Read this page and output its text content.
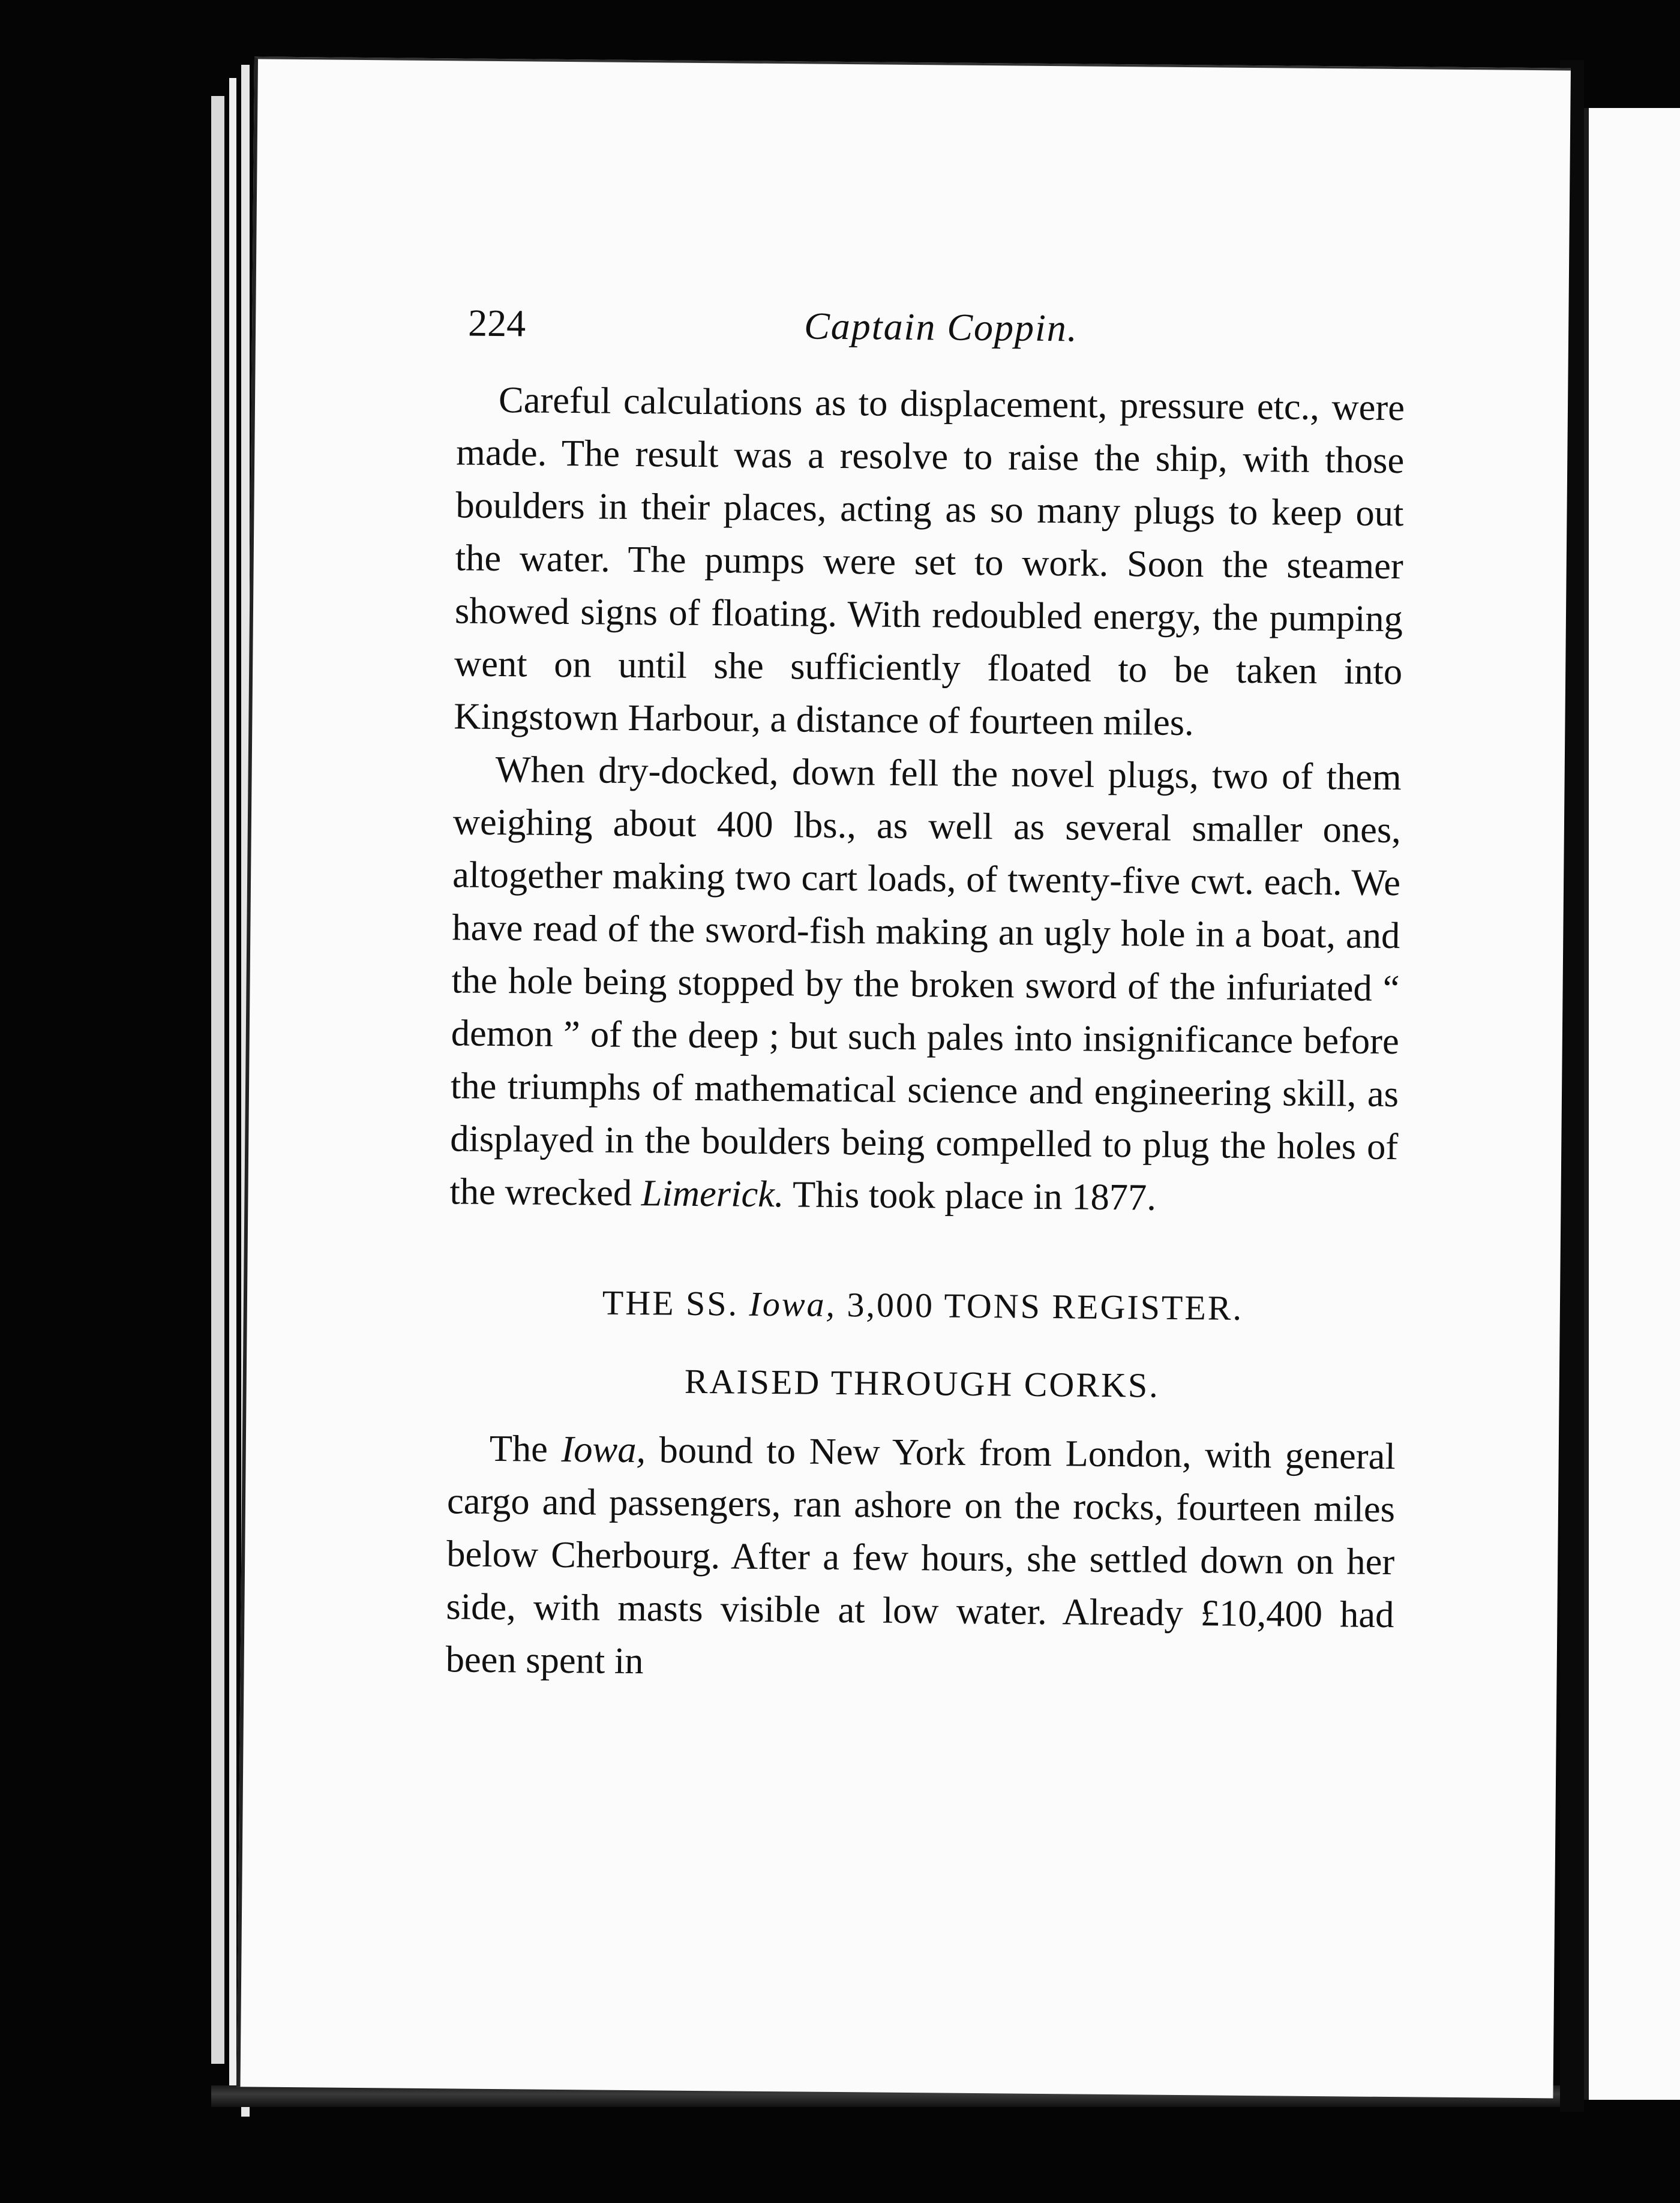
224	Captain Coppin.

Careful calculations as to displacement, pressure etc., were made. The result was a resolve to raise the ship, with those boulders in their places, acting as so many plugs to keep out the water. The pumps were set to work. Soon the steamer showed signs of floating. With redoubled energy, the pumping went on until she sufficiently floated to be taken into Kingstown Harbour, a distance of fourteen miles.

When dry-docked, down fell the novel plugs, two of them weighing about 400 lbs., as well as several smaller ones, altogether making two cart loads, of twenty-five cwt. each. We have read of the sword-fish making an ugly hole in a boat, and the hole being stopped by the broken sword of the infuriated “ demon ” of the deep ; but such pales into insignificance before the triumphs of mathematical science and engineering skill, as displayed in the boulders being compelled to plug the holes of the wrecked Limerick. This took place in 1877.

THE SS. Iowa, 3,000 TONS REGISTER.

RAISED THROUGH CORKS.

The Iowa, bound to New York from London, with general cargo and passengers, ran ashore on the rocks, fourteen miles below Cherbourg. After a few hours, she settled down on her side, with masts visible at low water. Already £10,400 had been spent in
